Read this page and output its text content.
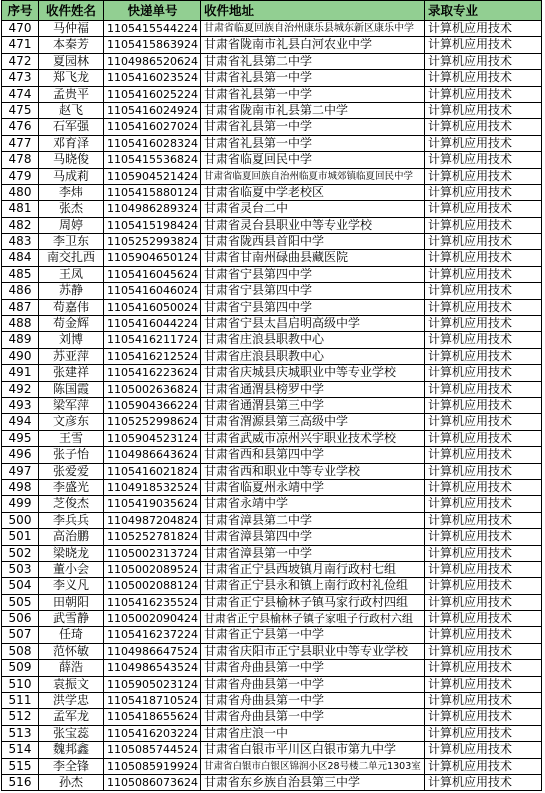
序号	收件姓名	快递单号	收件地址	录取专业
470	马仲福	1105415544224 甘肃省临夏回族自治州康乐县城东新区康乐中学	计算机应用技术
471	本秦芳	1105415863924 甘肃省陇南市礼县白河农业中学	计算机应用技术
472	夏园林	1104986520624 甘肃省礼县第二中学	计算机应用技术
473	郑飞龙	1105416023524 甘肃省礼县第一中学	计算机应用技术
474	孟贵平	1105416025224 甘肃省礼县第一中学	计算机应用技术
475	赵飞	1105416024924 甘肃省陇南市礼县第二中学	计算机应用技术
476	石军强	1105416027024 甘肃省礼县第一中学	计算机应用技术
477	邓育泽	1105416028324 甘肃省礼县第一中学	计算机应用技术
478	马晓俊	1105415536824 甘肃省临夏回民中学	计算机应用技术
479	马成莉	1105904521424 甘肃省临夏回族自治州临夏市城郊镇临夏回民中学	计算机应用技术
480	李炜	1105415880124 甘肃省临夏中学老校区	计算机应用技术
481	张杰	1104986289324 甘肃省灵台二中	计算机应用技术
482	周婷	1105415198424 甘肃省灵台县职业中等专业学校	计算机应用技术
483	李卫东	1105252993824 甘肃省陇西县首阳中学	计算机应用技术
484	南交扎西	1105904650124 甘肃省甘南州碌曲县藏医院	计算机应用技术
485	王凤	1105416045624 甘肃省宁县第四中学	计算机应用技术
486	苏静	1105416046024 甘肃省宁县第四中学	计算机应用技术
487	苟嘉伟	1105416050024 甘肃省宁县第四中学	计算机应用技术
488	苟金辉	1105416044224 甘肃省宁县太昌启明高级中学	计算机应用技术
489	刘博	1105416211724 甘肃省庄浪县职教中心	计算机应用技术
490	苏亚萍	1105416212524 甘肃省庄浪县职教中心	计算机应用技术
491	张建祥	1105416223624 甘肃省庆城县庆城职业中等专业学校	计算机应用技术
492	陈国霞	1105002636824 甘肃省通渭县榜罗中学	计算机应用技术
493	梁军萍	1105904366224 甘肃省通渭县第三中学	计算机应用技术
494	文彦东	1105252998624 甘肃省渭源县第三高级中学	计算机应用技术
495	王雪	1105904523124 甘肃省武威市凉州兴宇职业技术学校	计算机应用技术
496	张子怡	1104986643624 甘肃省西和县第四中学	计算机应用技术
497	张爱爱	1105416021824 甘肃省西和职业中等专业学校	计算机应用技术
498	李盛光	1104918532524 甘肃省临夏州永靖中学	计算机应用技术
499	芝俊杰	1105419035624 甘肃省永靖中学	计算机应用技术
500	李兵兵	1104987204824 甘肃省漳县第二中学	计算机应用技术
501	高治鹏	1105252781824 甘肃省漳县第四中学	计算机应用技术
502	梁晓龙	1105002313724 甘肃省漳县第一中学	计算机应用技术
503	董小会	1105002089524 甘肃省正宁县西坡镇月南行政村七组	计算机应用技术
504	李义凡	1105002088124 甘肃省正宁县永和镇上南行政村礼俭组	计算机应用技术
505	田朝阳	1105416235524 甘肃省正宁县榆林子镇马家行政村四组	计算机应用技术
506	武雪静	1105002090424 甘肃省正宁县榆林子镇子家咀子行政村六组	计算机应用技术
507	任琦	1105416237224 甘肃省正宁县第一中学	计算机应用技术
508	范怀敏	1104986647524 甘肃省庆阳市正宁县职业中等专业学校	计算机应用技术
509	薛浩	1104986543524 甘肃省舟曲县第一中学	计算机应用技术
510	袁振文	1105905023124 甘肃省舟曲县第一中学	计算机应用技术
511	洪学忠	1105418710524 甘肃省舟曲县第一中学	计算机应用技术
512	孟军龙	1105418655624 甘肃省舟曲县第一中学	计算机应用技术
513	张宝蕊	1105416203224 甘肃省庄浪一中	计算机应用技术
514	魏邦鑫	1105085744524 甘肃省白银市平川区白银市第九中学	计算机应用技术
515	李全锋	1105085919924 甘肃省白银市白银区锦润小区28号楼二单元1303室 计算机应用技术
516	孙杰	1105086073624 甘肃省东乡族自治县第三中学	计算机应用技术
